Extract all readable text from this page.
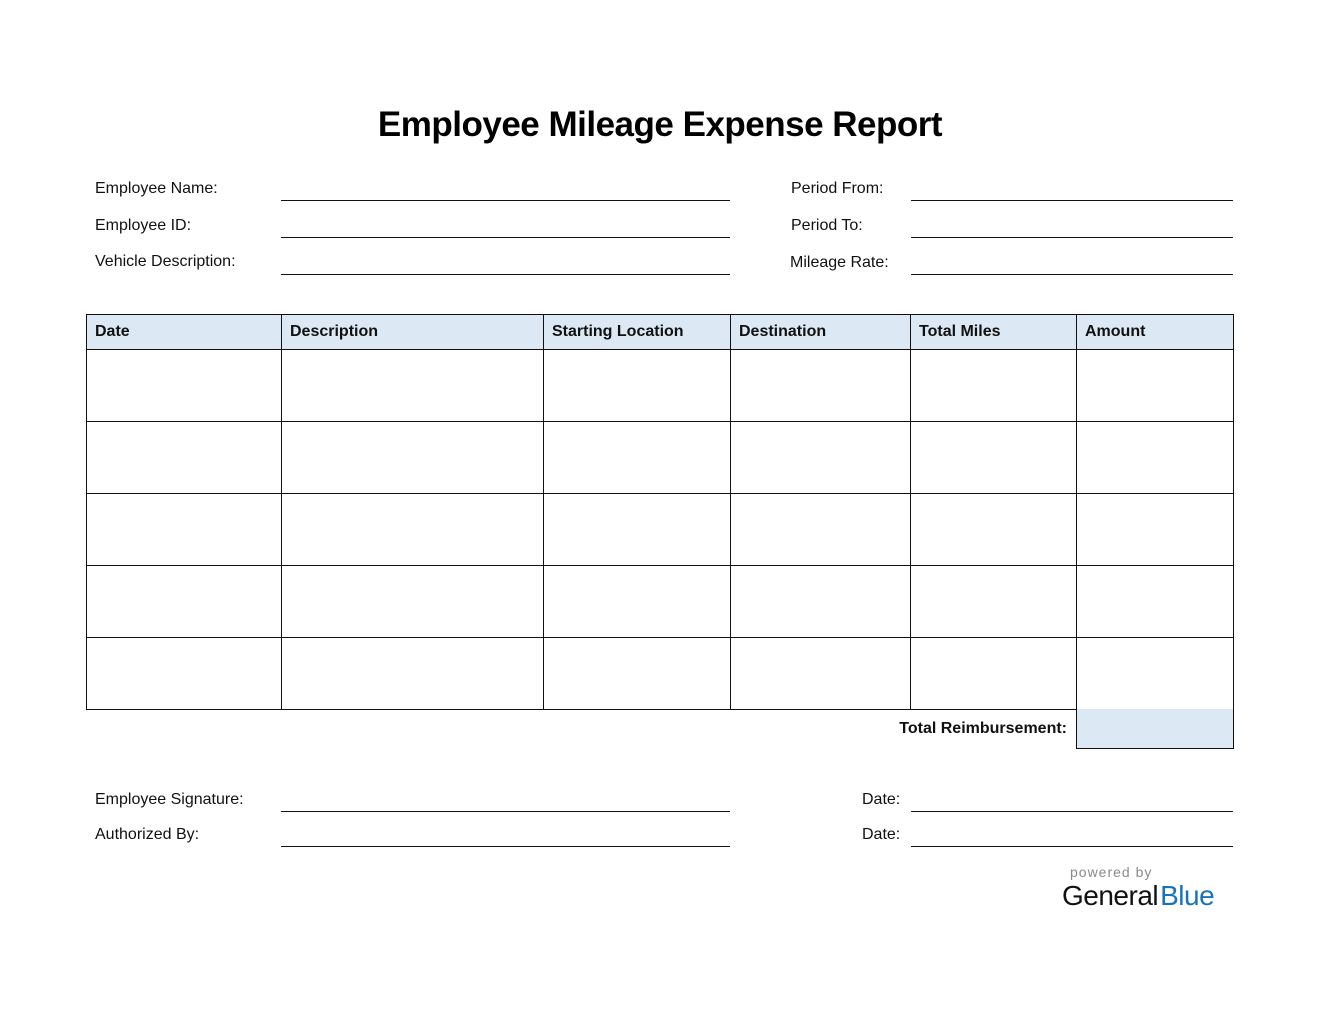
Employee Mileage Expense Report
Employee Name:
Employee ID:
Vehicle Description:
Period From:
Period To:
Mileage Rate:
Date	Description	Starting Location	Destination	Total Miles	Amount

Total Reimbursement:
Employee Signature:
Authorized By:
Date:
Date:
powered by
GeneralBlue
